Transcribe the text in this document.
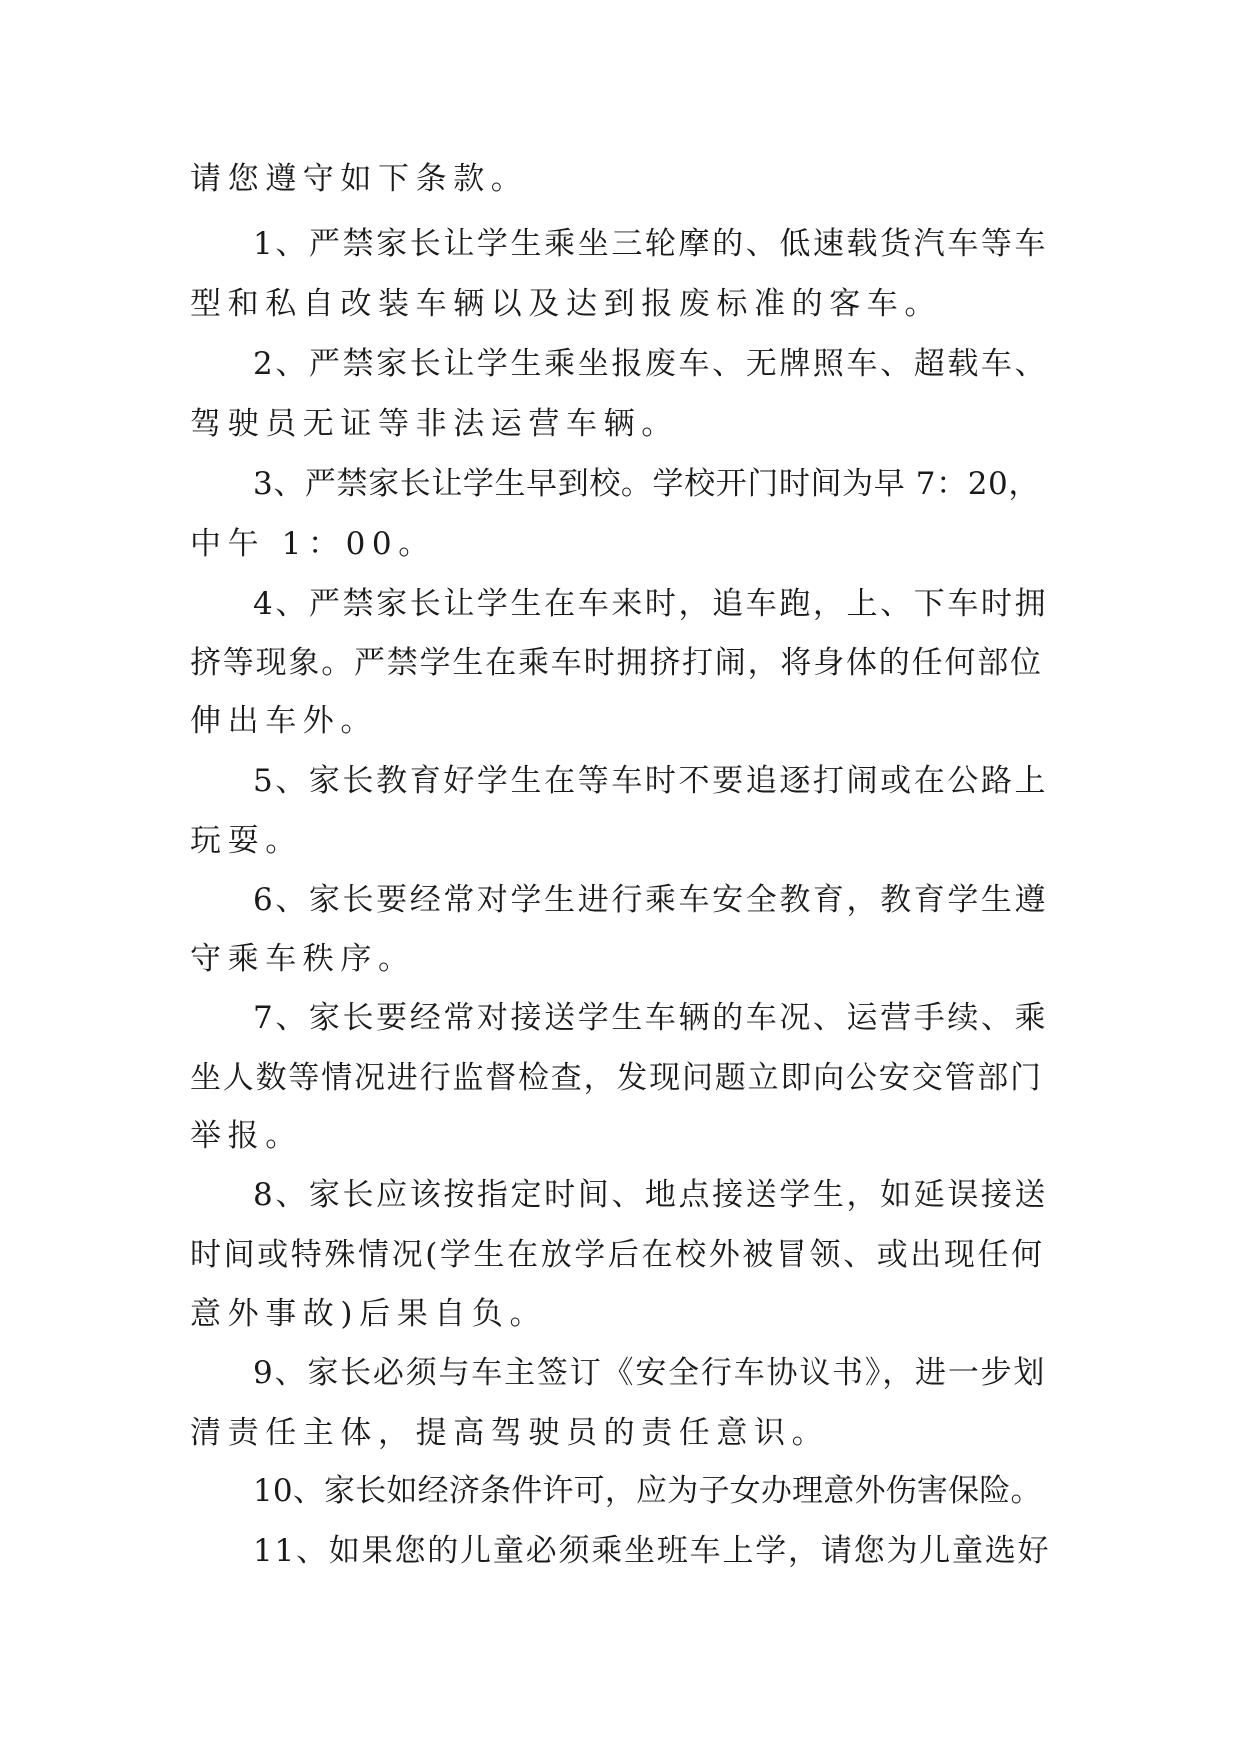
请您遵守如下条款。

1、严禁家长让学生乘坐三轮摩的、低速载货汽车等车

型和私自改装车辆以及达到报废标准的客车。

2、严禁家长让学生乘坐报废车、无牌照车、超载车、

驾驶员无证等非法运营车辆。

3、严禁家长让学生早到校。学校开门时间为早 7：20，

中午 1：00。

4、严禁家长让学生在车来时，追车跑，上、下车时拥

挤等现象。严禁学生在乘车时拥挤打闹，将身体的任何部位

伸出车外。

5、家长教育好学生在等车时不要追逐打闹或在公路上

玩耍。

6、家长要经常对学生进行乘车安全教育，教育学生遵

守乘车秩序。

7、家长要经常对接送学生车辆的车况、运营手续、乘

坐人数等情况进行监督检查，发现问题立即向公安交管部门

举报。

8、家长应该按指定时间、地点接送学生，如延误接送

时间或特殊情况(学生在放学后在校外被冒领、或出现任何

意外事故)后果自负。

9、家长必须与车主签订《安全行车协议书》，进一步划

清责任主体，提高驾驶员的责任意识。

10、家长如经济条件许可，应为子女办理意外伤害保险。

11、如果您的儿童必须乘坐班车上学，请您为儿童选好
